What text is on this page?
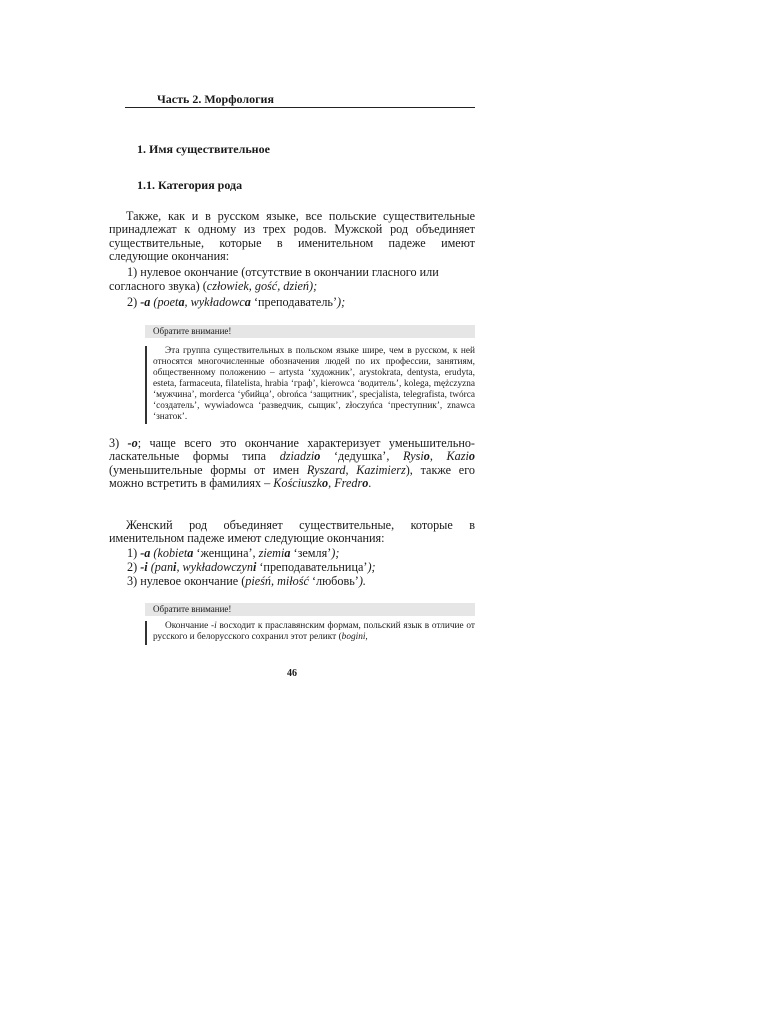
Часть 2. Морфология
1. Имя существительное
1.1. Категория рода
Также, как и в русском языке, все польские существительные принадлежат к одному из трех родов. Мужской род объединяет существительные, которые в именительном падеже имеют следующие окончания:
1) нулевое окончание (отсутствие в окончании гласного или
согласного звука) (człowiek, gość, dzień);
2) -a (poeta, wykładowca ‘преподаватель’);
Обратите внимание!
Эта группа существительных в польском языке шире, чем в русском, к ней относятся многочисленные обозначения людей по их профессии, занятиям, общественному положению – artysta ‘художник’, arystokrata, dentysta, erudyta, esteta, farmaceuta, filatelista, hrabia ‘граф’, kierowca ‘водитель’, kolega, mężczyzna ‘мужчина’, morderca ‘убийца’, obrońca ‘защитник’, specjalista, telegrafista, twórca ‘создатель’, wywiadowca ‘разведчик, сыщик’, złoczyńca ‘преступник’, znawca ‘знаток’.
3) -o; чаще всего это окончание характеризует уменьшительно-ласкательные формы типа dziadzio ‘дедушка’, Rysio, Kazio (уменьшительные формы от имен Ryszard, Kazimierz), также его можно встретить в фамилиях – Kościuszko, Fredro.
Женский род объединяет существительные, которые в именительном падеже имеют следующие окончания:
1) -a (kobieta ‘женщина’, ziemia ‘земля’);
2) -i (pani, wykładowczyni ‘преподавательница’);
3) нулевое окончание (pieśń, miłość ‘любовь’).
Обратите внимание!
Окончание -i восходит к праславянским формам, польский язык в отличие от русского и белорусского сохранил этот реликт (bogini,
46
